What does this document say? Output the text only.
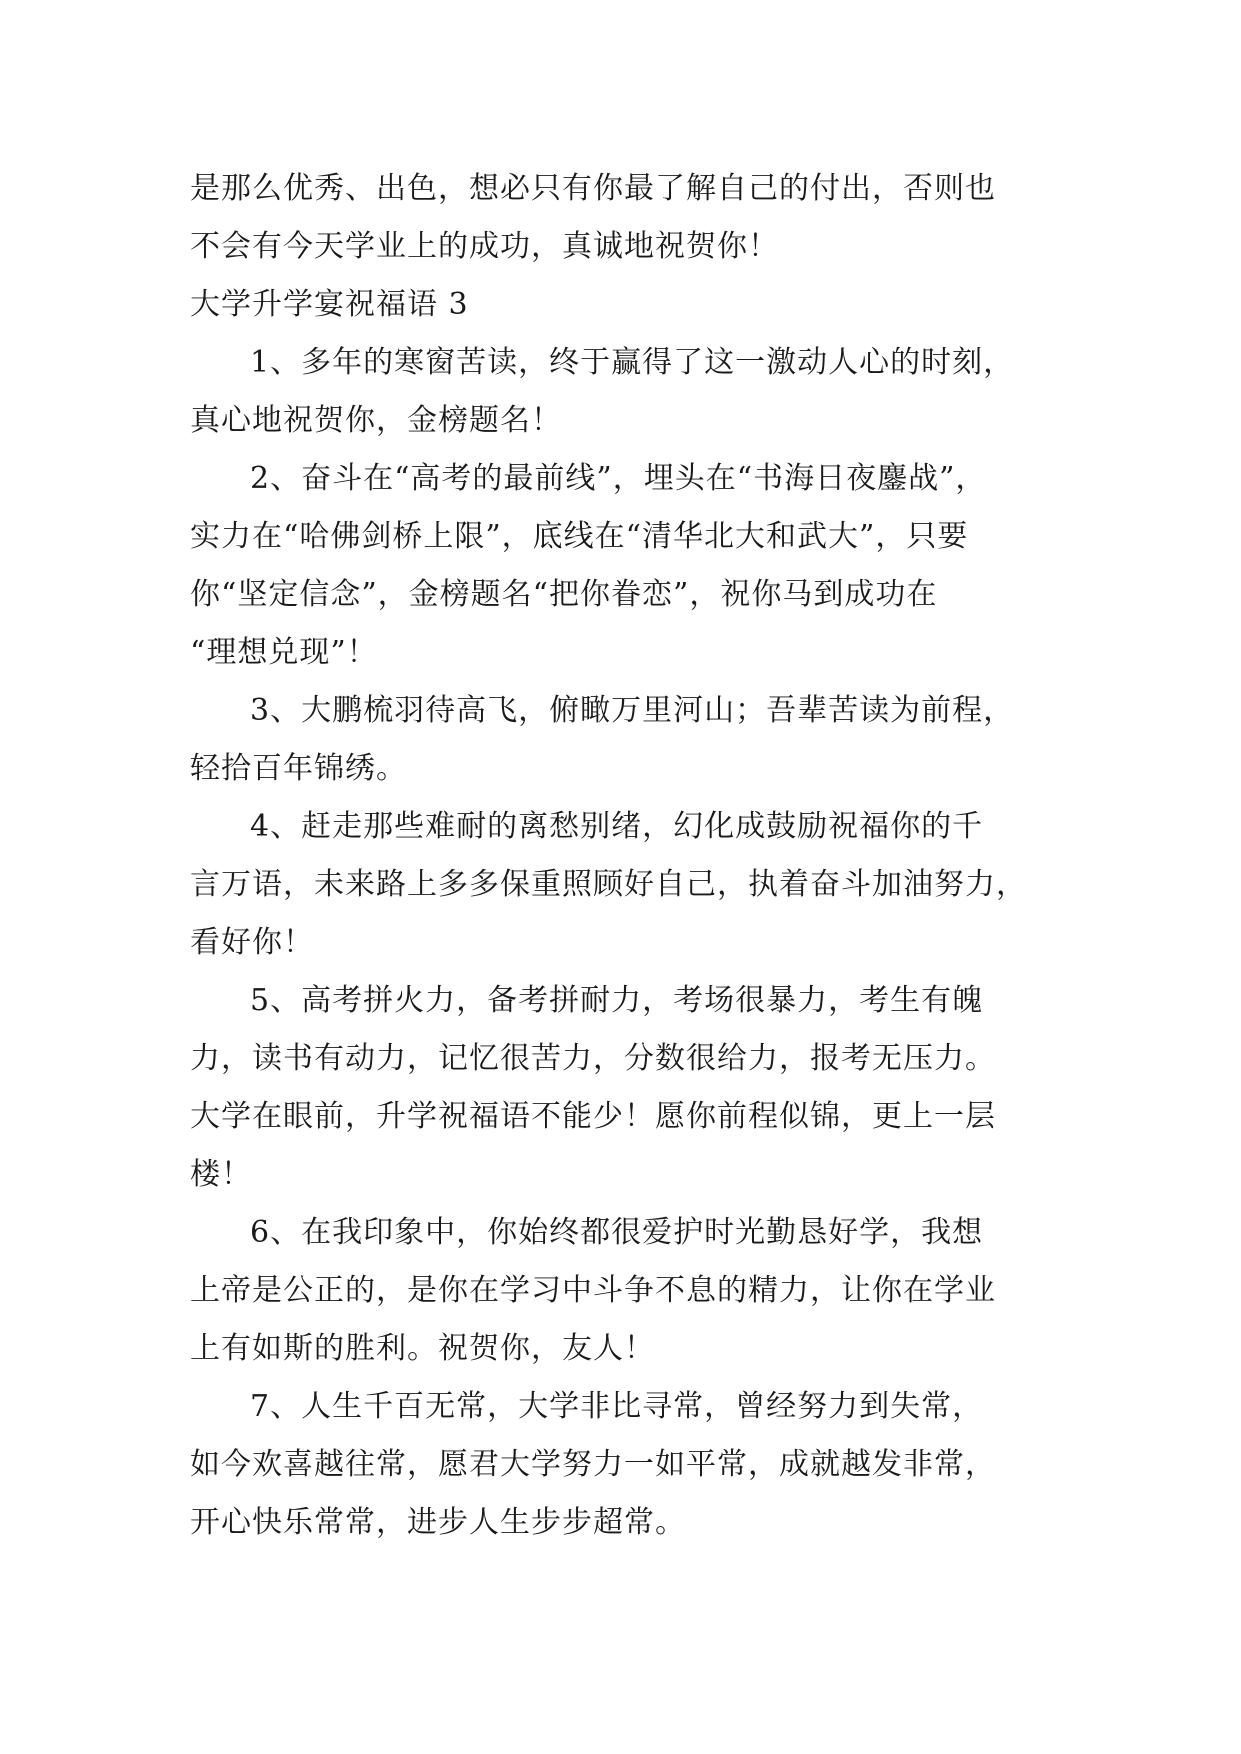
是那么优秀、出色，想必只有你最了解自己的付出，否则也
不会有今天学业上的成功，真诚地祝贺你！
大学升学宴祝福语 3
1、多年的寒窗苦读，终于赢得了这一激动人心的时刻，
真心地祝贺你，金榜题名！
2、奋斗在“高考的最前线”，埋头在“书海日夜鏖战”，
实力在“哈佛剑桥上限”，底线在“清华北大和武大”，只要
你“坚定信念”，金榜题名“把你眷恋”，祝你马到成功在
“理想兑现”！
3、大鹏梳羽待高飞，俯瞰万里河山；吾辈苦读为前程，
轻拾百年锦绣。
4、赶走那些难耐的离愁别绪，幻化成鼓励祝福你的千
言万语，未来路上多多保重照顾好自己，执着奋斗加油努力，
看好你！
5、高考拼火力，备考拼耐力，考场很暴力，考生有魄
力，读书有动力，记忆很苦力，分数很给力，报考无压力。
大学在眼前，升学祝福语不能少！愿你前程似锦，更上一层
楼！
6、在我印象中，你始终都很爱护时光勤恳好学，我想
上帝是公正的，是你在学习中斗争不息的精力，让你在学业
上有如斯的胜利。祝贺你，友人！
7、人生千百无常，大学非比寻常，曾经努力到失常，
如今欢喜越往常，愿君大学努力一如平常，成就越发非常，
开心快乐常常，进步人生步步超常。
